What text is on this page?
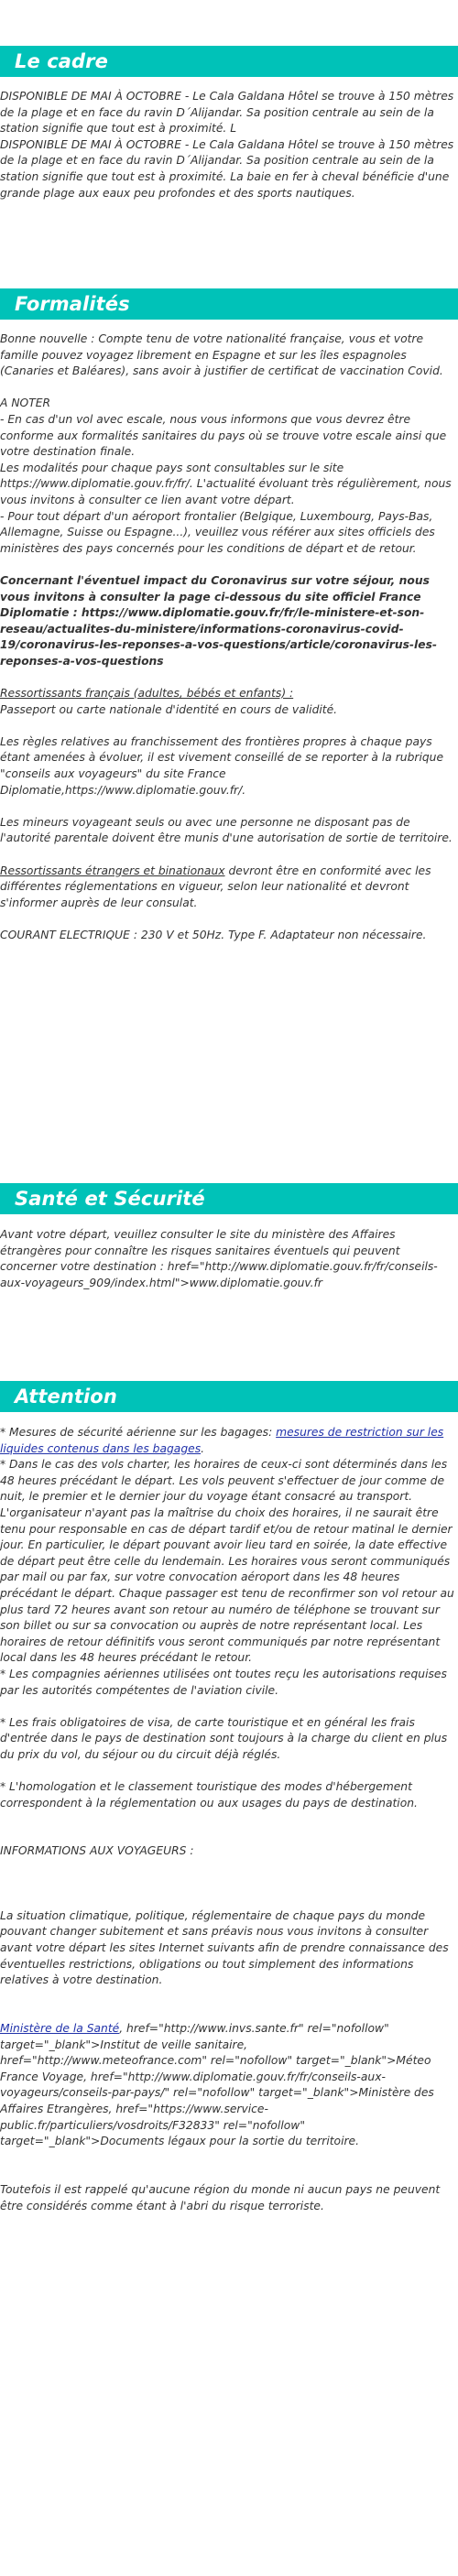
Le cadre

DISPONIBLE DE MAI À OCTOBRE - Le Cala Galdana Hôtel se trouve à 150 mètres de la plage et en face du ravin D´Alijandar. Sa position centrale au sein de la station signifie que tout est à proximité. L

DISPONIBLE DE MAI À OCTOBRE - Le Cala Galdana Hôtel se trouve à 150 mètres de la plage et en face du ravin D´Alijandar. Sa position centrale au sein de la station signifie que tout est à proximité. La baie en fer à cheval bénéficie d'une grande plage aux eaux peu profondes et des sports nautiques.

Formalités

Bonne nouvelle : Compte tenu de votre nationalité française, vous et votre famille pouvez voyagez librement en Espagne et sur les îles espagnoles (Canaries et Baléares), sans avoir à justifier de certificat de vaccination Covid.

A NOTER

- En cas d'un vol avec escale, nous vous informons que vous devrez être conforme aux formalités sanitaires du pays où se trouve votre escale ainsi que votre destination finale.

Les modalités pour chaque pays sont consultables sur le site https://www.diplomatie.gouv.fr/fr/. L'actualité évoluant très régulièrement, nous vous invitons à consulter ce lien avant votre départ.

- Pour tout départ d'un aéroport frontalier (Belgique, Luxembourg, Pays-Bas, Allemagne, Suisse ou Espagne...), veuillez vous référer aux sites officiels des ministères des pays concernés pour les conditions de départ et de retour.

Concernant l'éventuel impact du Coronavirus sur votre séjour, nous vous invitons à consulter la page ci-dessous du site officiel France Diplomatie : https://www.diplomatie.gouv.fr/fr/le-ministere-et-son-reseau/actualites-du-ministere/informations-coronavirus-covid-19/coronavirus-les-reponses-a-vos-questions/article/coronavirus-les-reponses-a-vos-questions

Ressortissants français (adultes, bébés et enfants) :

Passeport ou carte nationale d'identité en cours de validité.

Les règles relatives au franchissement des frontières propres à chaque pays étant amenées à évoluer, il est vivement conseillé de se reporter à la rubrique "conseils aux voyageurs" du site France Diplomatie,https://www.diplomatie.gouv.fr/.

Les mineurs voyageant seuls ou avec une personne ne disposant pas de l'autorité parentale doivent être munis d'une autorisation de sortie de territoire.

Ressortissants étrangers et binationaux devront être en conformité avec les différentes réglementations en vigueur, selon leur nationalité et devront s'informer auprès de leur consulat.

COURANT ELECTRIQUE : 230 V et 50Hz. Type F. Adaptateur non nécessaire.

Santé et Sécurité

Avant votre départ, veuillez consulter le site du ministère des Affaires étrangères pour connaître les risques sanitaires éventuels qui peuvent concerner votre destination : href="http://www.diplomatie.gouv.fr/fr/conseils-aux-voyageurs_909/index.html">www.diplomatie.gouv.fr

Attention

* Mesures de sécurité aérienne sur les bagages: mesures de restriction sur les liquides contenus dans les bagages.

* Dans le cas des vols charter, les horaires de ceux-ci sont déterminés dans les 48 heures précédant le départ. Les vols peuvent s'effectuer de jour comme de nuit, le premier et le dernier jour du voyage étant consacré au transport. L'organisateur n'ayant pas la maîtrise du choix des horaires, il ne saurait être tenu pour responsable en cas de départ tardif et/ou de retour matinal le dernier jour. En particulier, le départ pouvant avoir lieu tard en soirée, la date effective de départ peut être celle du lendemain. Les horaires vous seront communiqués par mail ou par fax, sur votre convocation aéroport dans les 48 heures précédant le départ. Chaque passager est tenu de reconfirmer son vol retour au plus tard 72 heures avant son retour au numéro de téléphone se trouvant sur son billet ou sur sa convocation ou auprès de notre représentant local. Les horaires de retour définitifs vous seront communiqués par notre représentant local dans les 48 heures précédant le retour.

* Les compagnies aériennes utilisées ont toutes reçu les autorisations requises par les autorités compétentes de l'aviation civile.

* Les frais obligatoires de visa, de carte touristique et en général les frais d'entrée dans le pays de destination sont toujours à la charge du client en plus du prix du vol, du séjour ou du circuit déjà réglés.

* L'homologation et le classement touristique des modes d'hébergement correspondent à la réglementation ou aux usages du pays de destination.

INFORMATIONS AUX VOYAGEURS :

La situation climatique, politique, réglementaire de chaque pays du monde pouvant changer subitement et sans préavis nous vous invitons à consulter avant votre départ les sites Internet suivants afin de prendre connaissance des éventuelles restrictions, obligations ou tout simplement des informations relatives à votre destination.

Ministère de la Santé, href="http://www.invs.sante.fr" rel="nofollow" target="_blank">Institut de veille sanitaire, href="http://www.meteofrance.com" rel="nofollow" target="_blank">Méteo France Voyage, href="http://www.diplomatie.gouv.fr/fr/conseils-aux-voyageurs/conseils-par-pays/" rel="nofollow" target="_blank">Ministère des Affaires Etrangères, href="https://www.service-public.fr/particuliers/vosdroits/F32833" rel="nofollow" target="_blank">Documents légaux pour la sortie du territoire.

Toutefois il est rappelé qu'aucune région du monde ni aucun pays ne peuvent être considérés comme étant à l'abri du risque terroriste.
